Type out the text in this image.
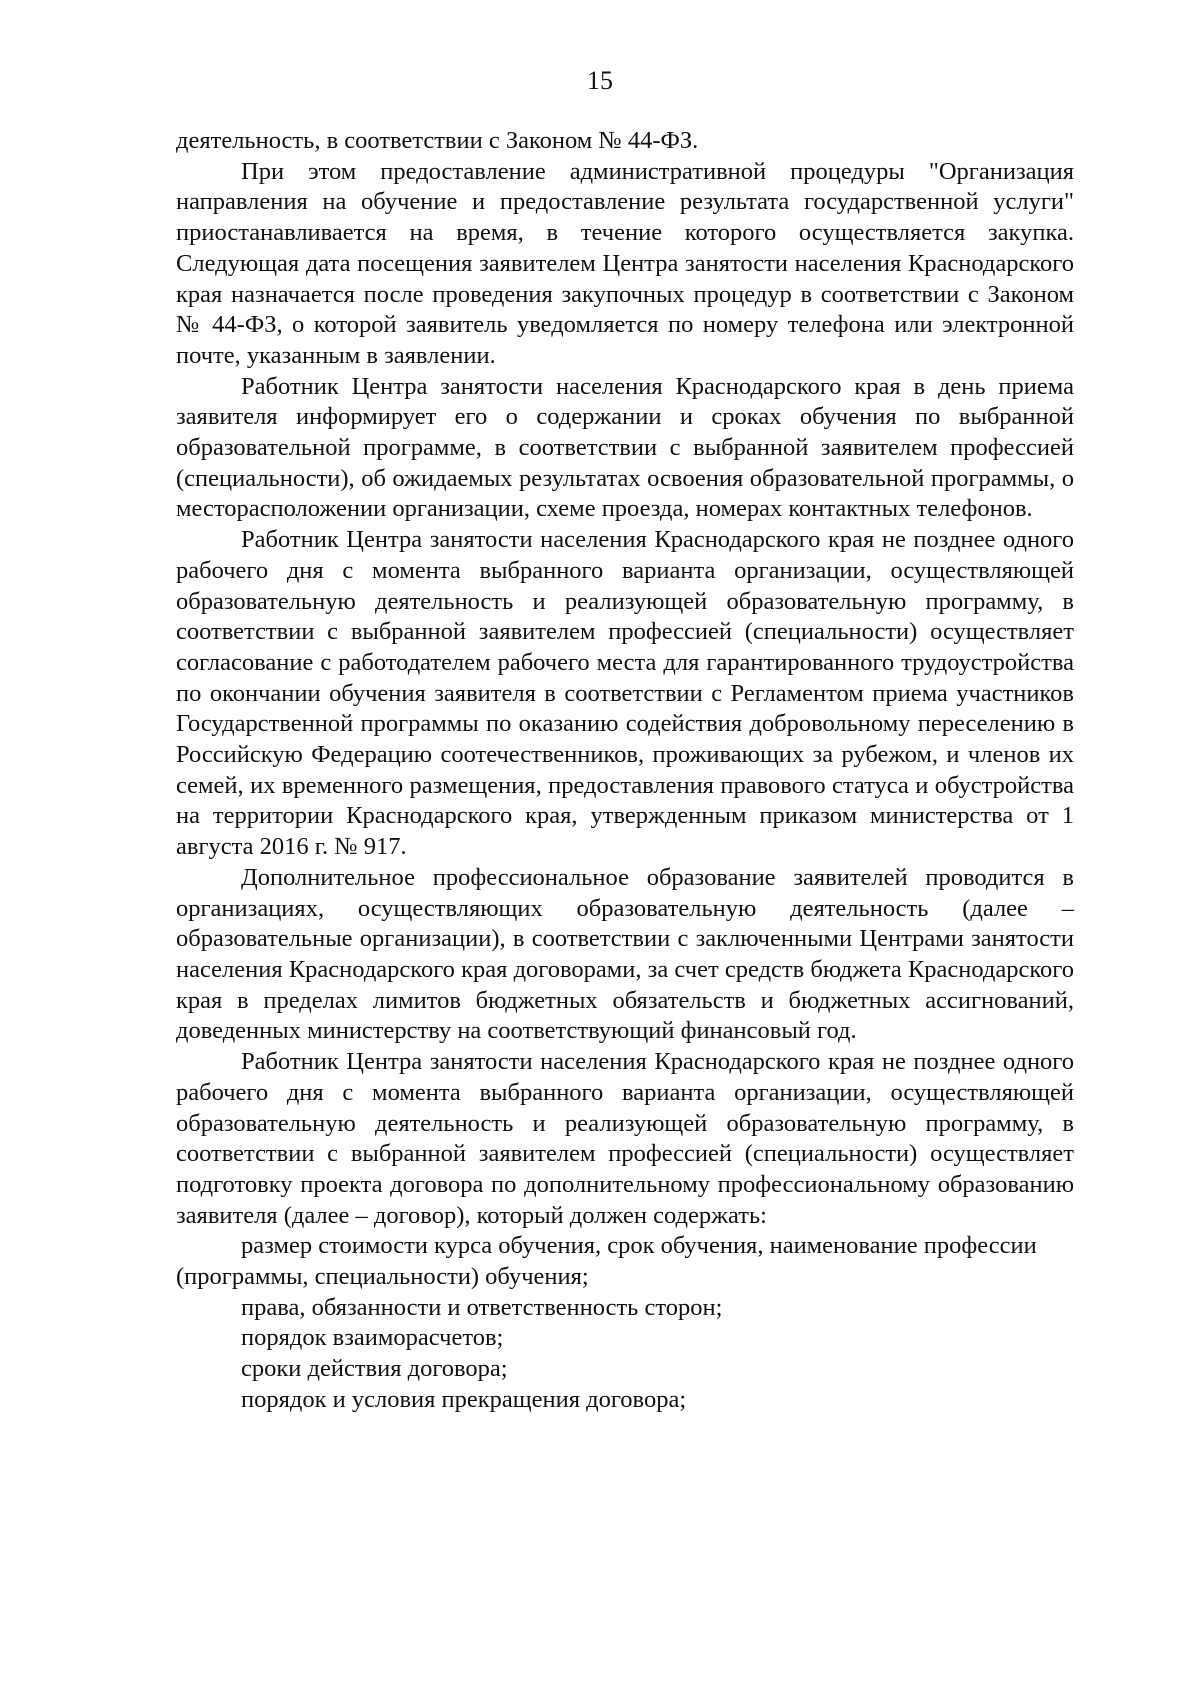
15

деятельность, в соответствии с Законом № 44-ФЗ.

При этом предоставление административной процедуры "Организация направления на обучение и предоставление результата государственной услуги" приостанавливается на время, в течение которого осуществляется закупка. Следующая дата посещения заявителем Центра занятости населения Краснодарского края назначается после проведения закупочных процедур в соответствии с Законом № 44-ФЗ, о которой заявитель уведомляется по номеру телефона или электронной почте, указанным в заявлении.

Работник Центра занятости населения Краснодарского края в день приема заявителя информирует его о содержании и сроках обучения по выбранной образовательной программе, в соответствии с выбранной заявителем профессией (специальности), об ожидаемых результатах освоения образовательной программы, о месторасположении организации, схеме проезда, номерах контактных телефонов.

Работник Центра занятости населения Краснодарского края не позднее одного рабочего дня с момента выбранного варианта организации, осуществляющей образовательную деятельность и реализующей образовательную программу, в соответствии с выбранной заявителем профессией (специальности) осуществляет согласование с работодателем рабочего места для гарантированного трудоустройства по окончании обучения заявителя в соответствии с Регламентом приема участников Государственной программы по оказанию содействия добровольному переселению в Российскую Федерацию соотечественников, проживающих за рубежом, и членов их семей, их временного размещения, предоставления правового статуса и обустройства на территории Краснодарского края, утвержденным приказом министерства от 1 августа 2016 г. № 917.

Дополнительное профессиональное образование заявителей проводится в организациях, осуществляющих образовательную деятельность (далее – образовательные организации), в соответствии с заключенными Центрами занятости населения Краснодарского края договорами, за счет средств бюджета Краснодарского края в пределах лимитов бюджетных обязательств и бюджетных ассигнований, доведенных министерству на соответствующий финансовый год.

Работник Центра занятости населения Краснодарского края не позднее одного рабочего дня с момента выбранного варианта организации, осуществляющей образовательную деятельность и реализующей образовательную программу, в соответствии с выбранной заявителем профессией (специальности) осуществляет подготовку проекта договора по дополнительному профессиональному образованию заявителя (далее – договор), который должен содержать:

размер стоимости курса обучения, срок обучения, наименование профессии (программы, специальности) обучения;

права, обязанности и ответственность сторон;

порядок взаиморасчетов;

сроки действия договора;

порядок и условия прекращения договора;
